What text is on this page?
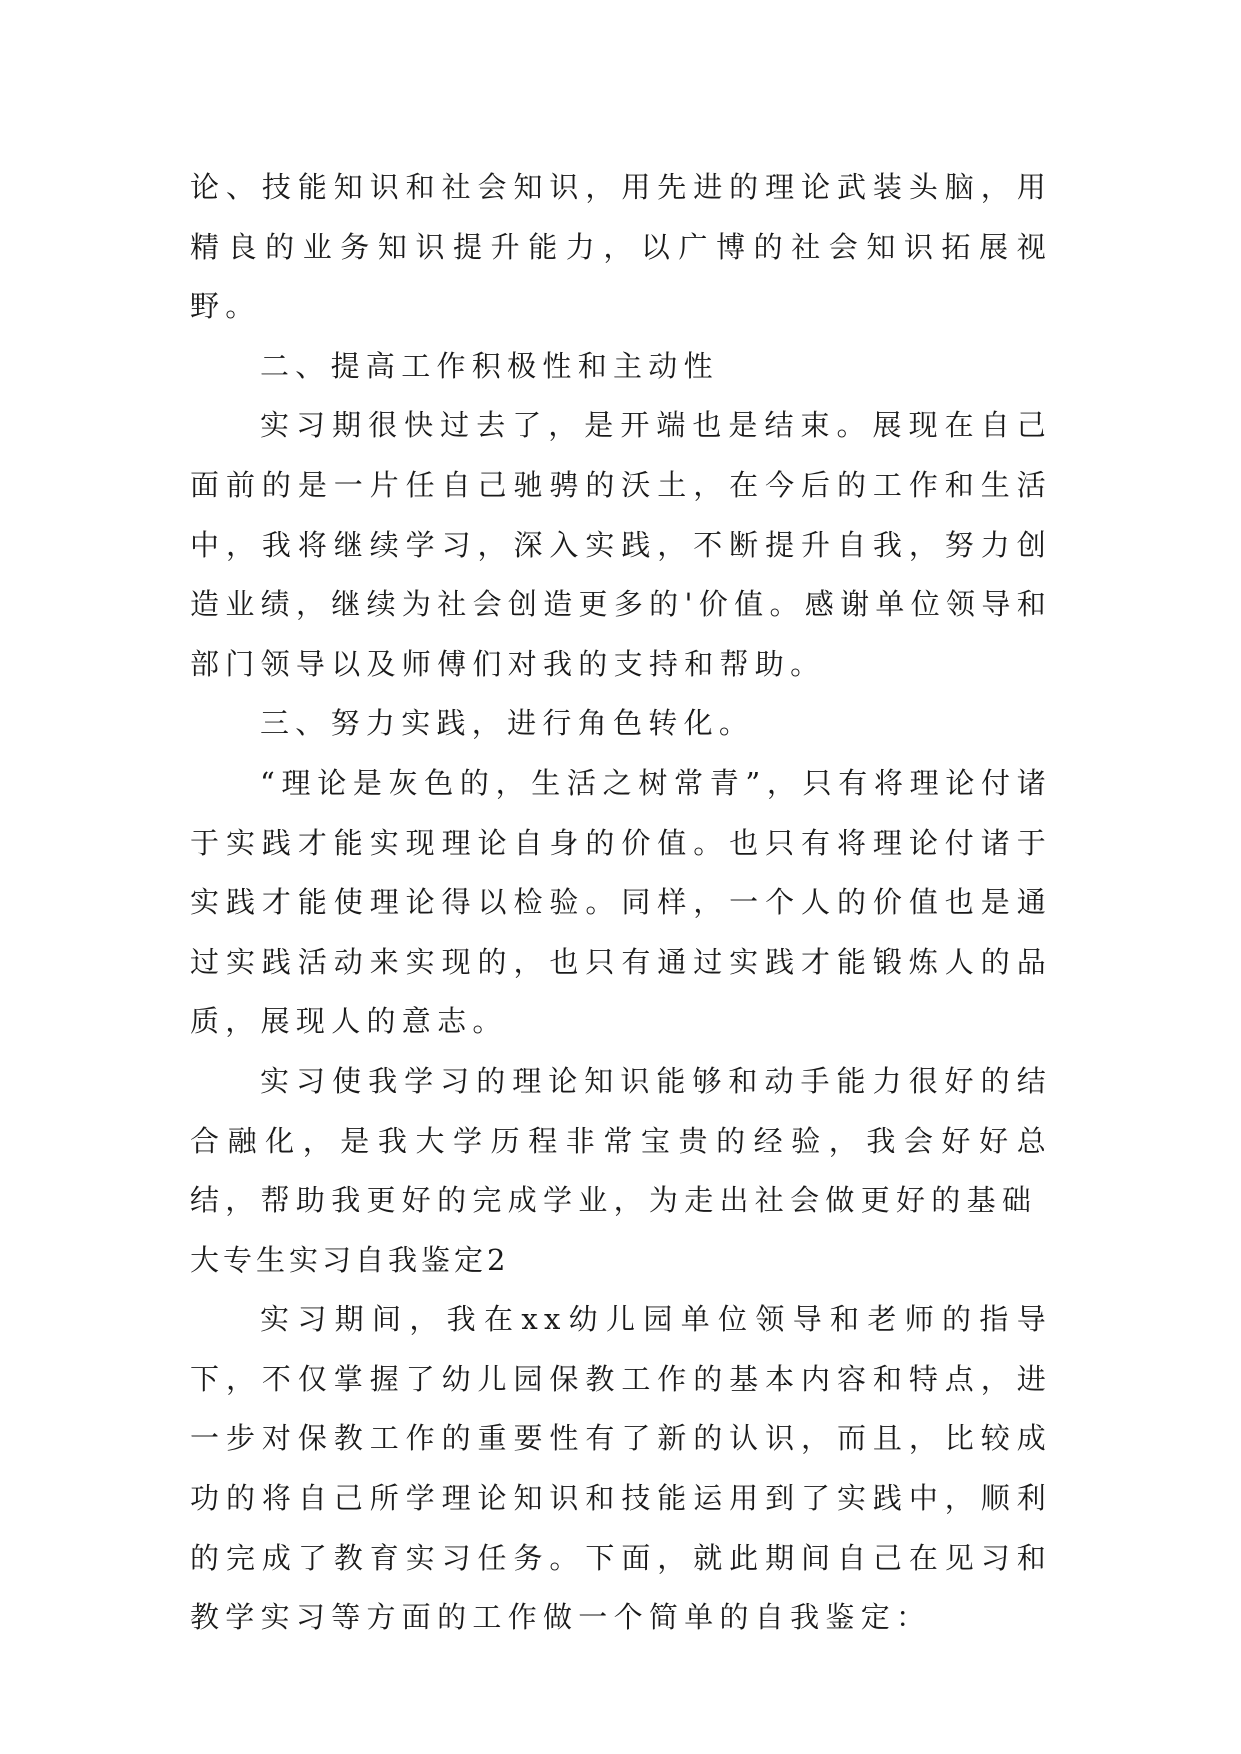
论、技能知识和社会知识，用先进的理论武装头脑，用精良的业务知识提升能力，以广博的社会知识拓展视野。

二、提高工作积极性和主动性

实习期很快过去了，是开端也是结束。展现在自己面前的是一片任自己驰骋的沃土，在今后的工作和生活中，我将继续学习，深入实践，不断提升自我，努力创造业绩，继续为社会创造更多的'价值。感谢单位领导和部门领导以及师傅们对我的支持和帮助。

三、努力实践，进行角色转化。

“理论是灰色的，生活之树常青”，只有将理论付诸于实践才能实现理论自身的价值。也只有将理论付诸于实践才能使理论得以检验。同样，一个人的价值也是通过实践活动来实现的，也只有通过实践才能锻炼人的品质，展现人的意志。

实习使我学习的理论知识能够和动手能力很好的结合融化，是我大学历程非常宝贵的经验，我会好好总结，帮助我更好的完成学业，为走出社会做更好的基础

大专生实习自我鉴定2

实习期间，我在xx幼儿园单位领导和老师的指导下，不仅掌握了幼儿园保教工作的基本内容和特点，进一步对保教工作的重要性有了新的认识，而且，比较成功的将自己所学理论知识和技能运用到了实践中，顺利的完成了教育实习任务。下面，就此期间自己在见习和教学实习等方面的工作做一个简单的自我鉴定：
